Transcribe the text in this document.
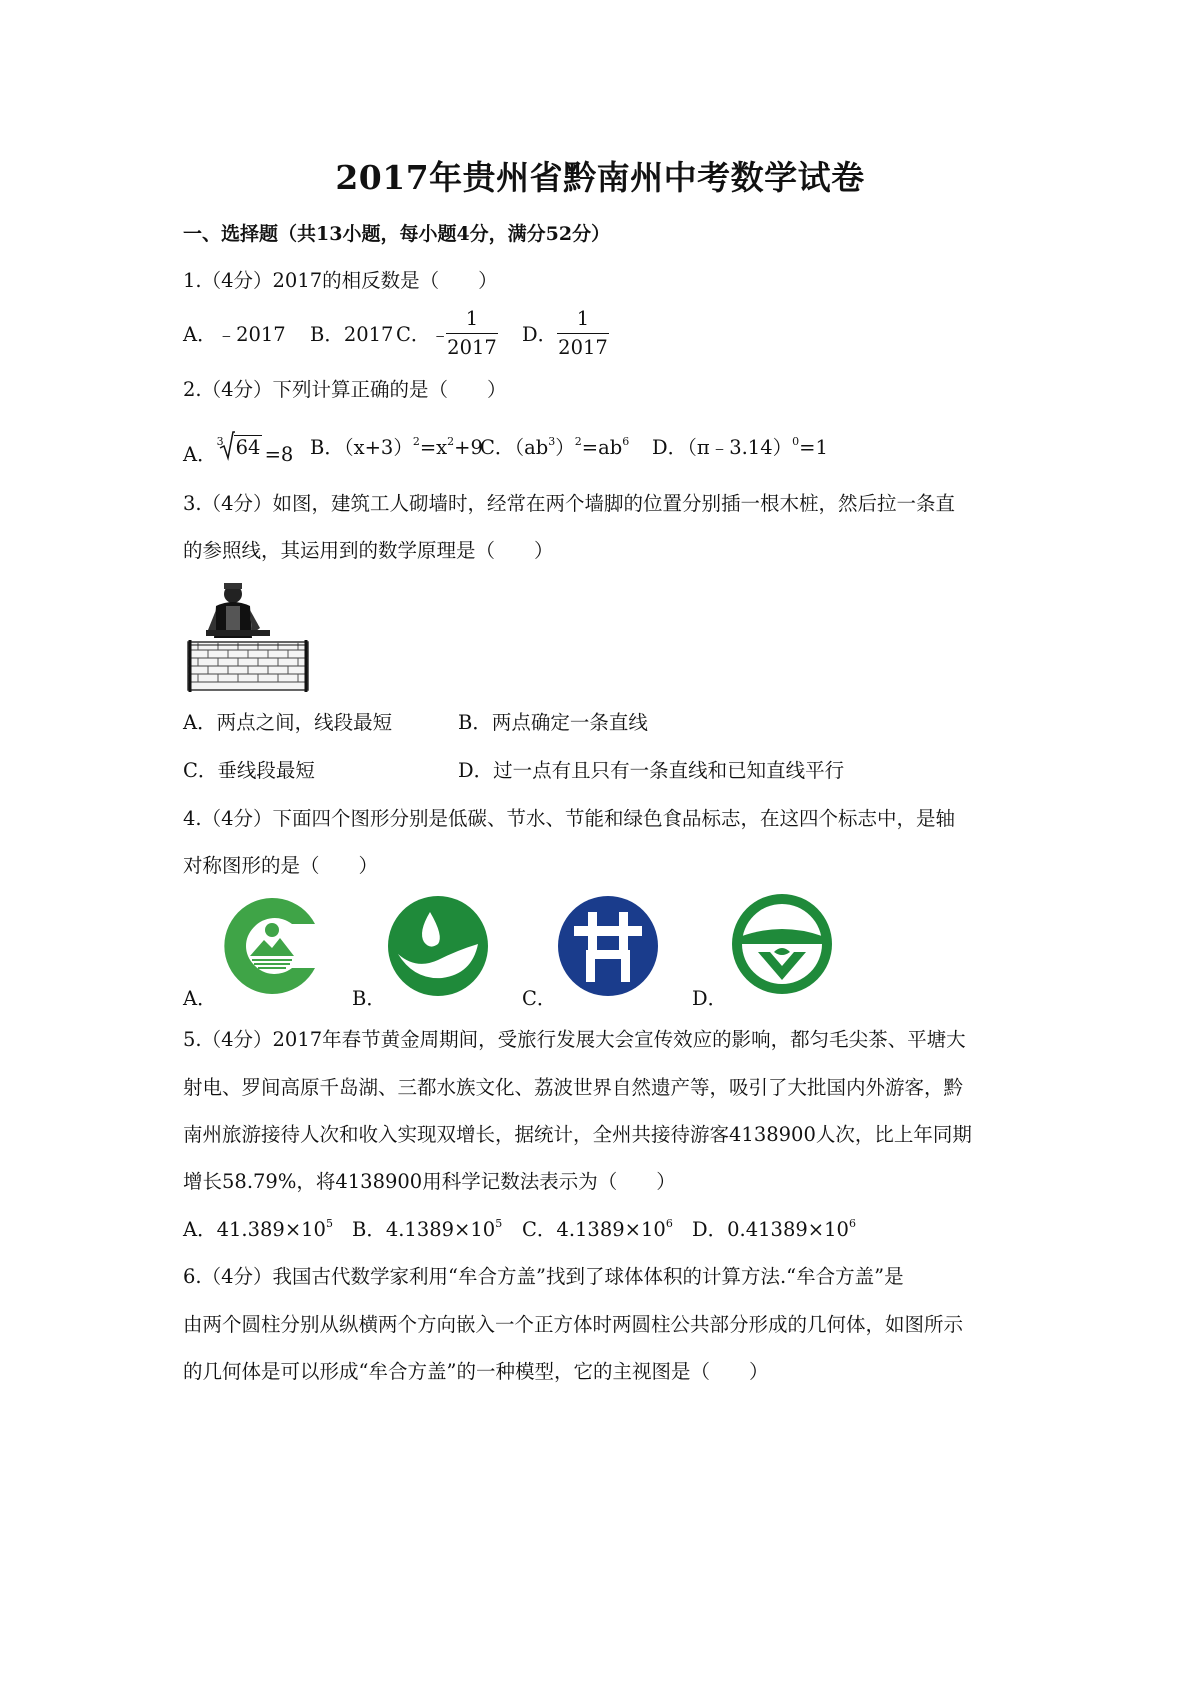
2017年贵州省黔南州中考数学试卷
一、选择题（共13小题，每小题4分，满分52分）
1.（4分）2017的相反数是（　　）
A．﹣2017 B．2017 C．﹣
1
2017
D．
1
2017
2.（4分）下列计算正确的是（　　）
A．
3 64 =8 B．$(x+3)^2=x^2+9$
C．$(ab^3)^2=ab^6$ D．（π﹣3.14）$^0$=1
3.（4分）如图，建筑工人砌墙时，经常在两个墙脚的位置分别插一根木桩，然后拉一条直
的参照线，其运用到的数学原理是（　　）
A．两点之间，线段最短	B．两点确定一条直线
C．垂线段最短	D．过一点有且只有一条直线和已知直线平行
4.（4分）下面四个图形分别是低碳、节水、节能和绿色食品标志，在这四个标志中，是轴
对称图形的是（　　）
A．	B．	C．	D．
5.（4分）2017年春节黄金周期间，受旅行发展大会宣传效应的影响，都匀毛尖茶、平塘大
射电、罗间高原千岛湖、三都水族文化、荔波世界自然遗产等，吸引了大批国内外游客，黔
南州旅游接待人次和收入实现双增长，据统计，全州共接待游客4138900人次，比上年同期
增长58.79%，将4138900用科学记数法表示为（　　）
A．$41.389\times 10^5$ B．$4.1389\times 10^5$ C．$4.1389\times 10^6$ D．$0.41389\times 10^6$
6.（4分）我国古代数学家利用“牟合方盖”找到了球体体积的计算方法.“牟合方盖”是
由两个圆柱分别从纵横两个方向嵌入一个正方体时两圆柱公共部分形成的几何体，如图所示
的几何体是可以形成“牟合方盖”的一种模型，它的主视图是（　　）
